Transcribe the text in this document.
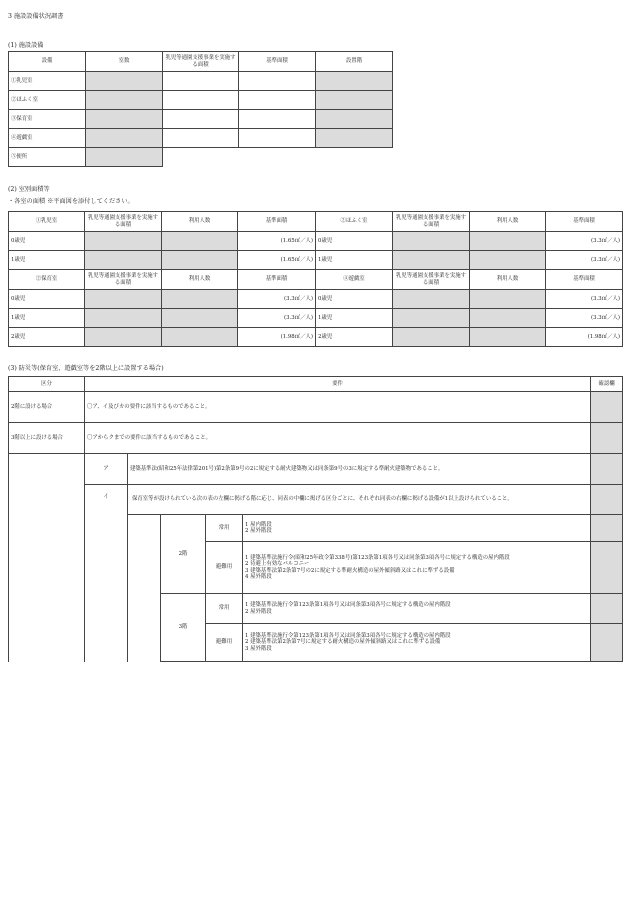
3 施設設備状況調書
(1) 施設設備
設備	室数	乳児等通園支援事業を実施する面積	基準面積	設置階
①乳児室				
②ほふく室				
③保育室				
④遊戯室				
⑤便所				
(2) 室別面積等
・各室の面積 ※平面図を添付してください。
①乳児室	乳児等通園支援事業を実施する面積	利用人数	基準面積	②ほふく室	乳児等通園支援事業を実施する面積	利用人数	基準面積
0歳児			(1.65㎡／人)	0歳児			(3.3㎡／人)
1歳児			(1.65㎡／人)	1歳児			(3.3㎡／人)
②保育室	乳児等通園支援事業を実施する面積	利用人数	基準面積	④遊戯室	乳児等通園支援事業を実施する面積	利用人数	基準面積
0歳児			(3.3㎡／人)	0歳児			(3.3㎡／人)
1歳児			(3.3㎡／人)	1歳児			(3.3㎡／人)
2歳児			(1.98㎡／人)	2歳児			(1.98㎡／人)
(3) 防災等(保育室、遊戯室等を2階以上に設置する場合)
区分	要件					確認欄
2階に設ける場合	〇ア、イ及びカの要件に該当するものであること。					
3階以上に設ける場合	〇アからクまでの要件に該当するものであること。					
	ア	建築基準法(昭和25年法律第201号)第2条第9号の2に規定する耐火建築物又は同条第9号の3に規定する準耐火建築物であること。				
	イ	保育室等が設けられている次の表の左欄に掲げる階に応じ、同表の中欄に掲げる区分ごとに、それぞれ同表の右欄に掲げる設備が1以上設けられていること。				
			2階	常用	1 屋内階段
2 屋外階段	

				避難用	1 建築基準法施行令(昭和25年政令第338号)第123条第1項各号又は同条第3項各号に規定する構造の屋内階段
2 待避上有効なバルコニー
3 建築基準法第2条第7号の2に規定する準耐火構造の屋外傾斜路又はこれに準ずる設備
4 屋外階段	

			3階	常用	1 建築基準法施行令第123条第1項各号又は同条第3項各号に規定する構造の屋内階段
2 屋外階段	

				避難用	1 建築基準法施行令第123条第1項各号又は同条第3項各号に規定する構造の屋内階段
2 建築基準法第2条第7号に規定する耐火構造の屋外傾斜路又はこれに準ずる設備
3 屋外階段	
